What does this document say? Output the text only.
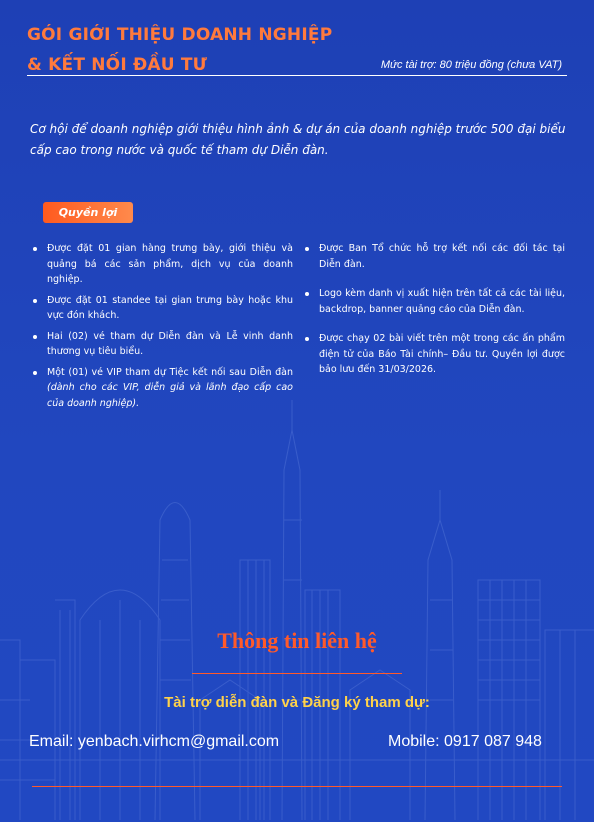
GÓI GIỚI THIỆU DOANH NGHIỆP
& KẾT NỐI ĐẦU TƯ	Mức tài trợ: 80 triệu đồng (chưa VAT)
Cơ hội để doanh nghiệp giới thiệu hình ảnh & dự án của doanh nghiệp trước 500 đại biểu cấp cao trong nước và quốc tế tham dự Diễn đàn.
Quyền lợi
Được đặt 01 gian hàng trưng bày, giới thiệu và quảng bá các sản phẩm, dịch vụ của doanh nghiệp.
Được đặt 01 standee tại gian trưng bày hoặc khu vực đón khách.
Hai (02) vé tham dự Diễn đàn và Lễ vinh danh thương vụ tiêu biểu.
Một (01) vé VIP tham dự Tiệc kết nối sau Diễn đàn (dành cho các VIP, diễn giả và lãnh đạo cấp cao của doanh nghiệp).
Được Ban Tổ chức hỗ trợ kết nối các đối tác tại Diễn đàn.
Logo kèm danh vị xuất hiện trên tất cả các tài liệu, backdrop, banner quảng cáo của Diễn đàn.
Được chạy 02 bài viết trên một trong các ấn phẩm điện tử của Báo Tài chính– Đầu tư. Quyền lợi được bảo lưu đến 31/03/2026.
Thông tin liên hệ
Tài trợ diễn đàn và Đăng ký tham dự:
Email: yenbach.virhcm@gmail.com	Mobile: 0917 087 948
